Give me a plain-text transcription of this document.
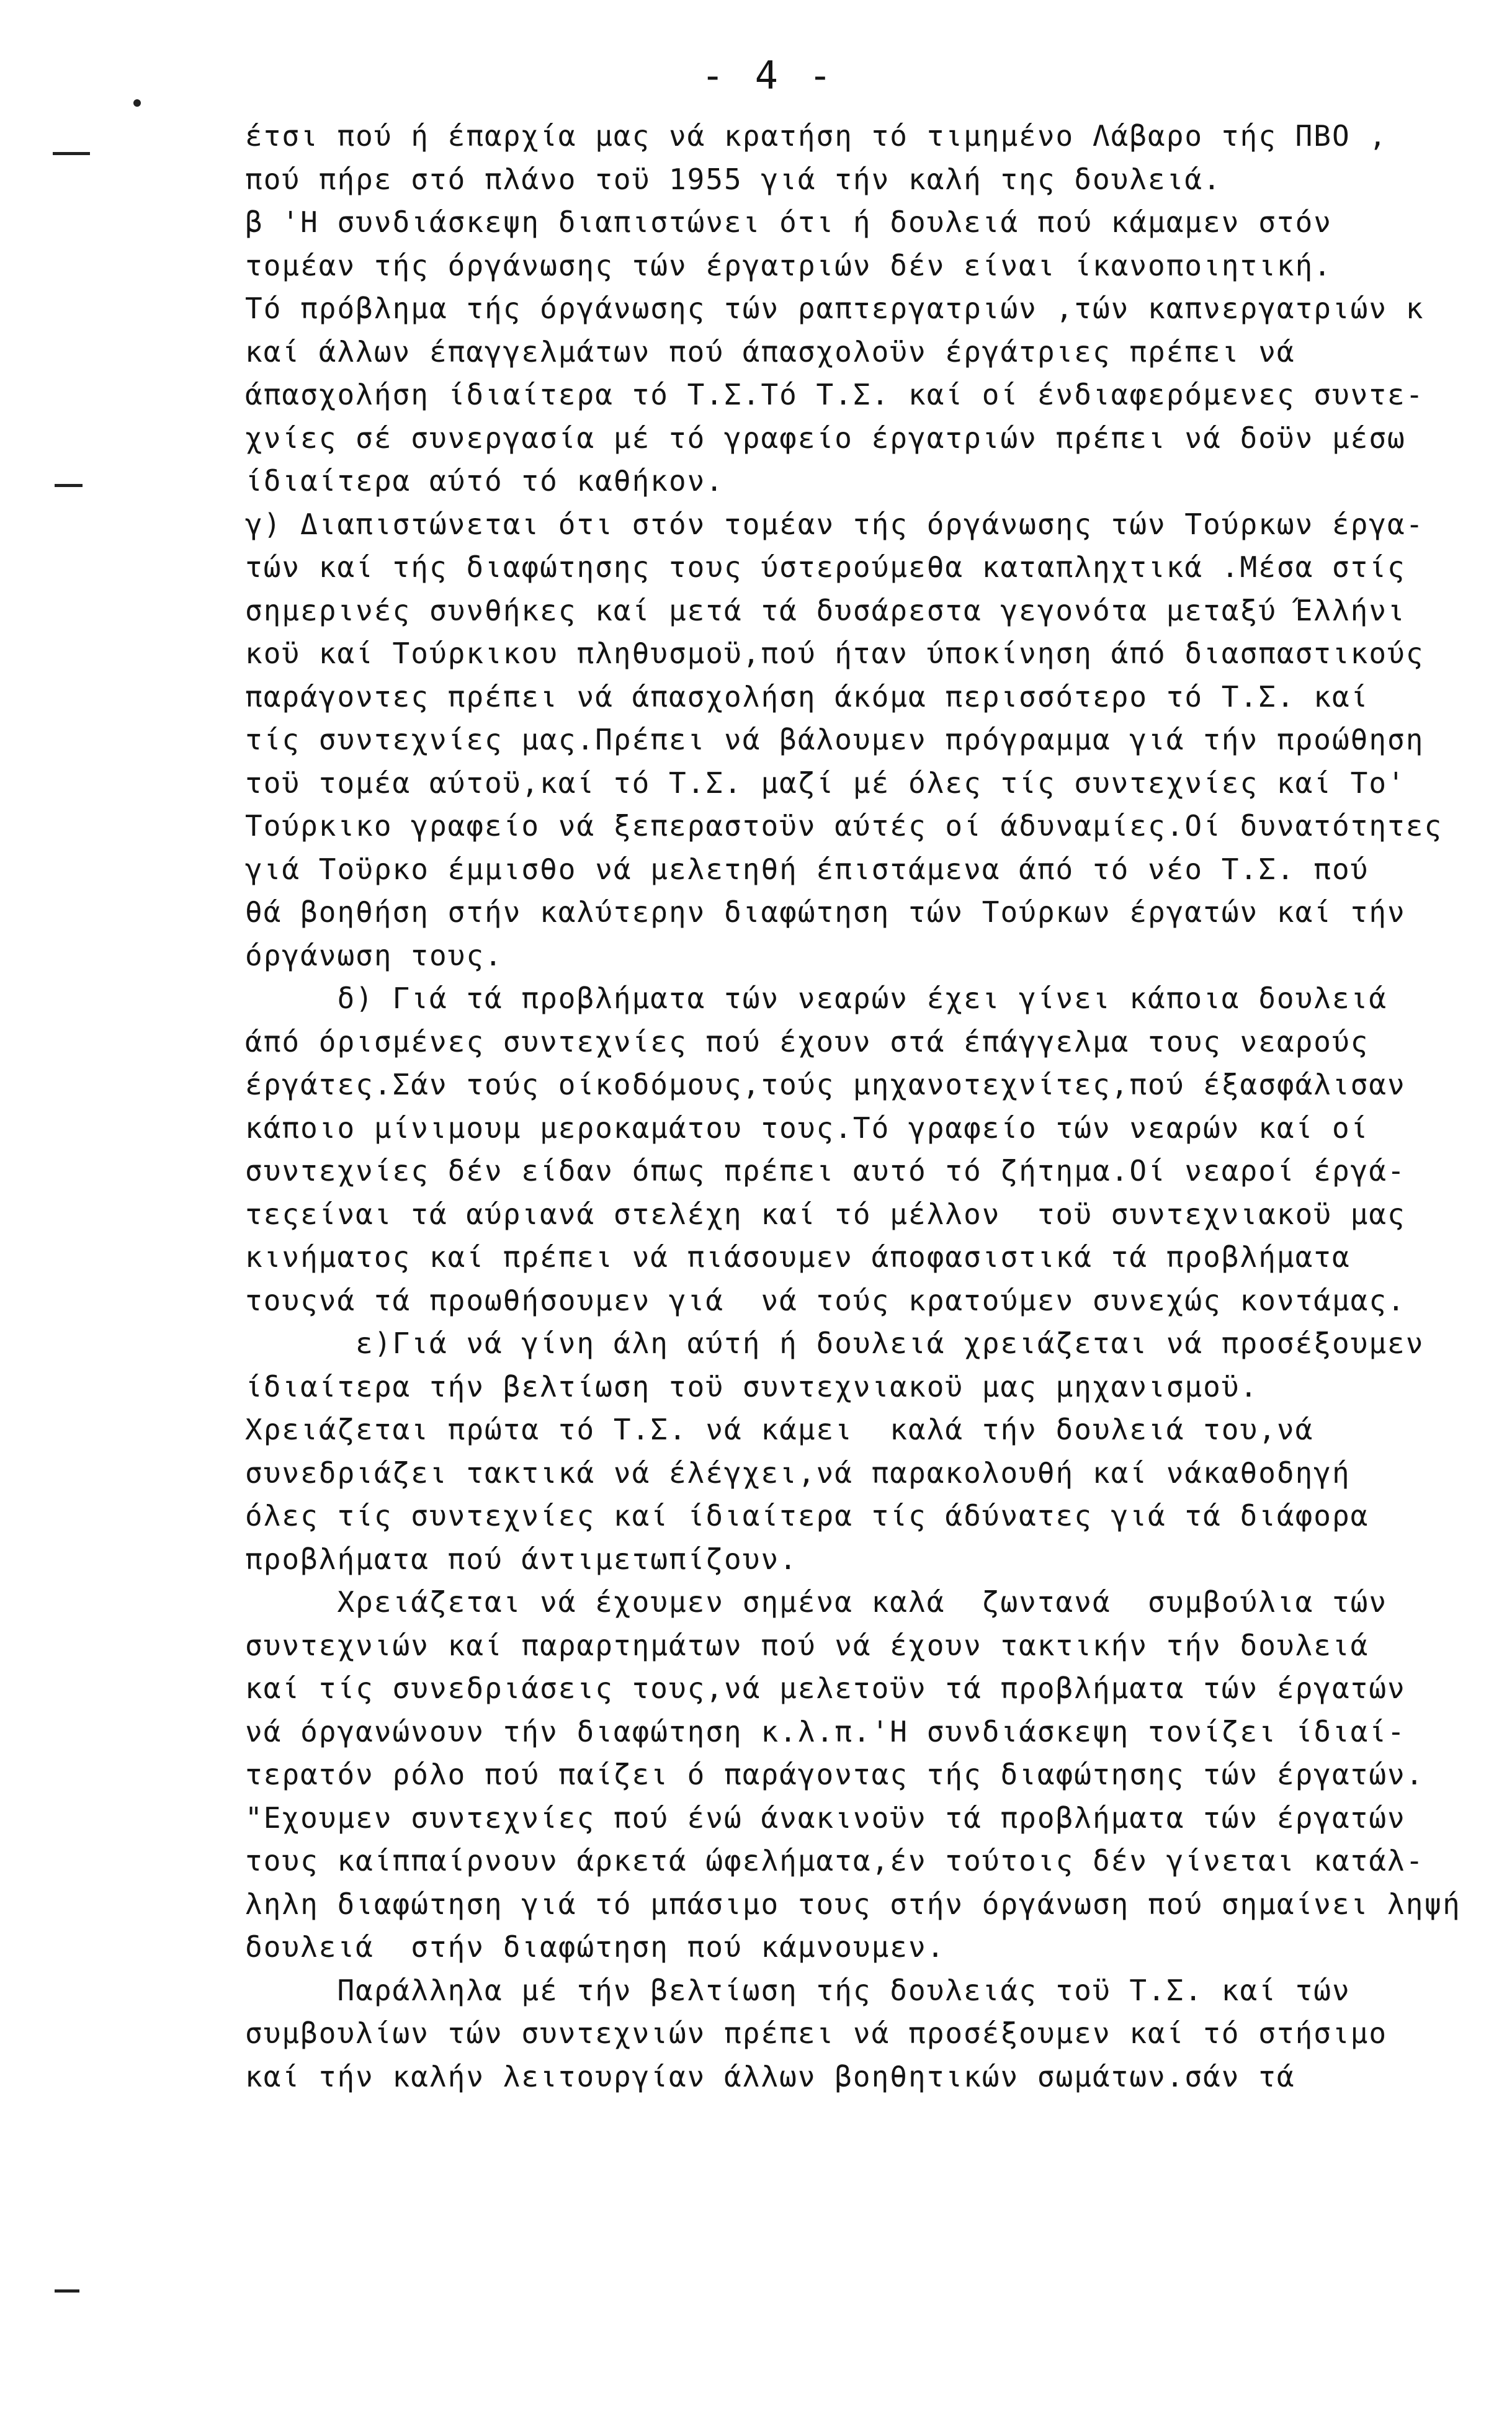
- 4 -
έτσι πού ή έπαρχία μας νά κρατήση τό τιμημένο Λάβαρο τής ΠΒΟ ,
πού πήρε στό πλάνο τοϋ 1955 γιά τήν καλή της δουλειά.
β 'Η συνδιάσκεψη διαπιστώνει ότι ή δουλειά πού κάμαμεν στόν
τομέαν τής όργάνωσης τών έργατριών δέν είναι ίκανοποιητική.
Τό πρόβλημα τής όργάνωσης τών ραπτεργατριών ,τών καπνεργατριών κ
καί άλλων έπαγγελμάτων πού άπασχολοϋν έργάτριες πρέπει νά
άπασχολήση ίδιαίτερα τό Τ.Σ.Τό Τ.Σ. καί οί ένδιαφερόμενες συντε-
χνίες σέ συνεργασία μέ τό γραφείο έργατριών πρέπει νά δοϋν μέσω
ίδιαίτερα αύτό τό καθήκον.
γ) Διαπιστώνεται ότι στόν τομέαν τής όργάνωσης τών Τούρκων έργα-
τών καί τής διαφώτησης τους ύστερούμεθα καταπληχτικά .Μέσα στίς
σημερινές συνθήκες καί μετά τά δυσάρεστα γεγονότα μεταξύ Έλλήνι
κοϋ καί Τούρκικου πληθυσμοϋ,πού ήταν ύποκίνηση άπό διασπαστικούς
παράγοντες πρέπει νά άπασχολήση άκόμα περισσότερο τό Τ.Σ. καί
τίς συντεχνίες μας.Πρέπει νά βάλουμεν πρόγραμμα γιά τήν προώθηση
τοϋ τομέα αύτοϋ,καί τό Τ.Σ. μαζί μέ όλες τίς συντεχνίες καί Το'
Τούρκικο γραφείο νά ξεπεραστοϋν αύτές οί άδυναμίες.Οί δυνατότητες
γιά Τοϋρκο έμμισθο νά μελετηθή έπιστάμενα άπό τό νέο Τ.Σ. πού
θά βοηθήση στήν καλύτερην διαφώτηση τών Τούρκων έργατών καί τήν
όργάνωση τους.
δ) Γιά τά προβλήματα τών νεαρών έχει γίνει κάποια δουλειά
άπό όρισμένες συντεχνίες πού έχουν στά έπάγγελμα τους νεαρούς
έργάτες.Σάν τούς οίκοδόμους,τούς μηχανοτεχνίτες,πού έξασφάλισαν
κάποιο μίνιμουμ μεροκαμάτου τους.Τό γραφείο τών νεαρών καί οί
συντεχνίες δέν είδαν όπως πρέπει αυτό τό ζήτημα.Οί νεαροί έργά-
τεςείναι τά αύριανά στελέχη καί τό μέλλον  τοϋ συντεχνιακοϋ μας
κινήματος καί πρέπει νά πιάσουμεν άποφασιστικά τά προβλήματα
τουςνά τά προωθήσουμεν γιά  νά τούς κρατούμεν συνεχώς κοντάμας.
ε)Γιά νά γίνη άλη αύτή ή δουλειά χρειάζεται νά προσέξουμεν
ίδιαίτερα τήν βελτίωση τοϋ συντεχνιακοϋ μας μηχανισμοϋ.
Χρειάζεται πρώτα τό Τ.Σ. νά κάμει  καλά τήν δουλειά του,νά
συνεδριάζει τακτικά νά έλέγχει,νά παρακολουθή καί νάκαθοδηγή
όλες τίς συντεχνίες καί ίδιαίτερα τίς άδύνατες γιά τά διάφορα
προβλήματα πού άντιμετωπίζουν.
Χρειάζεται νά έχουμεν σημένα καλά  ζωντανά  συμβούλια τών
συντεχνιών καί παραρτημάτων πού νά έχουν τακτικήν τήν δουλειά
καί τίς συνεδριάσεις τους,νά μελετοϋν τά προβλήματα τών έργατών
νά όργανώνουν τήν διαφώτηση κ.λ.π.'Η συνδιάσκεψη τονίζει ίδιαί-
τερατόν ρόλο πού παίζει ό παράγοντας τής διαφώτησης τών έργατών.
"Εχουμεν συντεχνίες πού ένώ άνακινοϋν τά προβλήματα τών έργατών
τους καίππαίρνουν άρκετά ώφελήματα,έν τούτοις δέν γίνεται κατάλ-
ληλη διαφώτηση γιά τό μπάσιμο τους στήν όργάνωση πού σημαίνει ληψή
δουλειά  στήν διαφώτηση πού κάμνουμεν.
Παράλληλα μέ τήν βελτίωση τής δουλειάς τοϋ Τ.Σ. καί τών
συμβουλίων τών συντεχνιών πρέπει νά προσέξουμεν καί τό στήσιμο
καί τήν καλήν λειτουργίαν άλλων βοηθητικών σωμάτων.σάν τά
